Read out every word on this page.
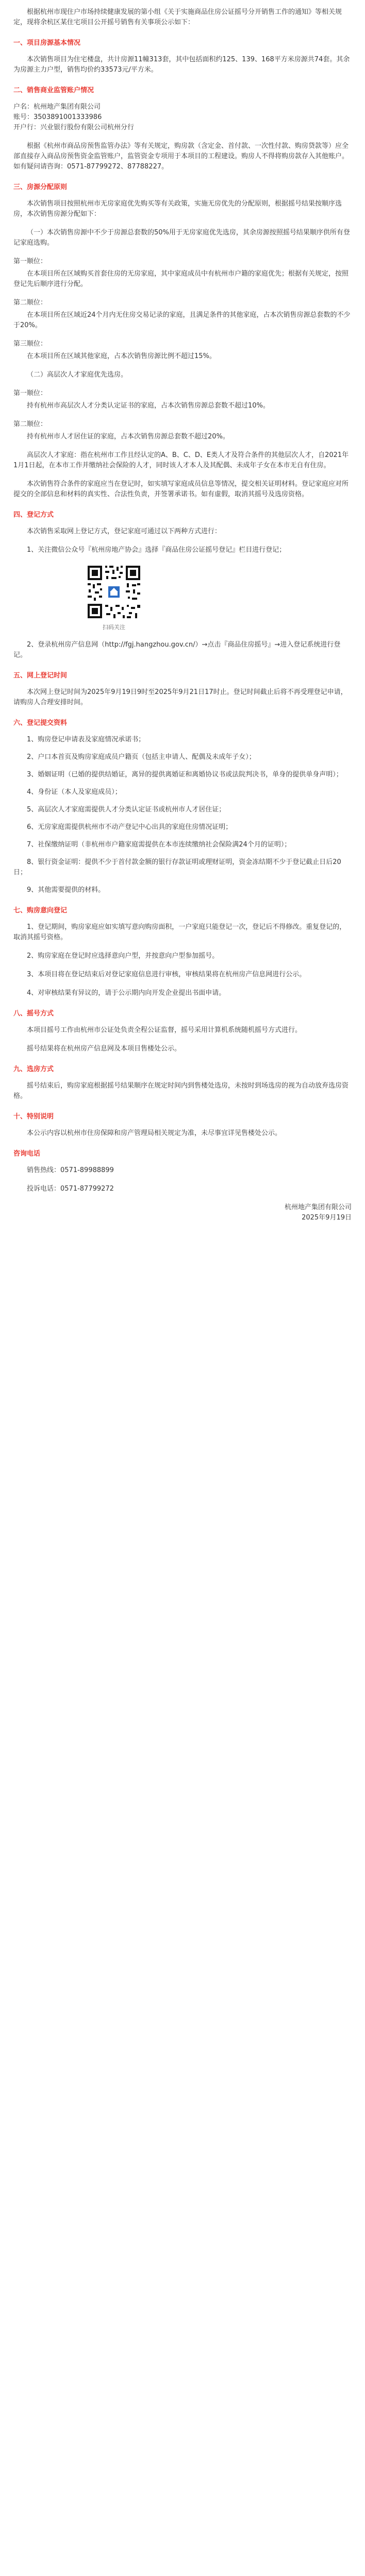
根据杭州市现住户市场持续健康发展的第小组《关于实施商品住房公证摇号分开销售工作的通知》等相关规定，现将余杭区某住宅项目公开摇号销售有关事项公示如下：

一、项目房源基本情况

本次销售项目为住宅楼盘，共计房源11幢313套，其中包括面积约125、139、168平方米房源共74套。其余为房源主力户型，销售均价约33573元/平方米。

二、销售商业监管账户情况

户名：杭州地产集团有限公司

账号：3503891001333986

开户行：兴业银行股份有限公司杭州分行

根据《杭州市商品房预售监管办法》等有关规定，购房款（含定金、首付款、一次性付款、购房贷款等）应全部直接存入商品房预售资金监管账户，监管资金专项用于本项目的工程建设。购房人不得将购房款存入其他账户。如有疑问请咨询：0571-87799272、87788227。

三、房源分配原则

本次销售项目按照杭州市无房家庭优先购买等有关政策，实施无房优先的分配原则，根据摇号结果按顺序选房，本次销售房源分配如下：

（一）本次销售房源中不少于房源总套数的50%用于无房家庭优先选房，其余房源按照摇号结果顺序供所有登记家庭选购。

第一顺位：

在本项目所在区域购买首套住房的无房家庭，其中家庭成员中有杭州市户籍的家庭优先；根据有关规定，按照登记先后顺序进行分配。

第二顺位：

在本项目所在区域近24个月内无住房交易记录的家庭，且满足条件的其他家庭，占本次销售房源总套数的不少于20%。

第三顺位：

在本项目所在区域其他家庭，占本次销售房源比例不超过15%。

（二）高层次人才家庭优先选房。

第一顺位：

持有杭州市高层次人才分类认定证书的家庭，占本次销售房源总套数不超过10%。

第二顺位：

持有杭州市人才居住证的家庭，占本次销售房源总套数不超过20%。

高层次人才家庭：指在杭州市工作且经认定的A、B、C、D、E类人才及符合条件的其他层次人才，自2021年1月1日起，在本市工作并缴纳社会保险的人才，同时该人才本人及其配偶、未成年子女在本市无自有住房。

本次销售符合条件的家庭应当在登记时，如实填写家庭成员信息等情况，提交相关证明材料。登记家庭应对所提交的全部信息和材料的真实性、合法性负责，并签署承诺书。如有虚假，取消其摇号及选房资格。

四、登记方式

本次销售采取网上登记方式，登记家庭可通过以下两种方式进行：

1、关注微信公众号『杭州房地产协会』选择『商品住房公证摇号登记』栏目进行登记；

扫码关注

2、登录杭州房产信息网（http://fgj.hangzhou.gov.cn/）→点击『商品住房摇号』→进入登记系统进行登记。

五、网上登记时间

本次网上登记时间为2025年9月19日9时至2025年9月21日17时止。登记时间截止后将不再受理登记申请，请购房人合理安排时间。

六、登记提交资料

1、购房登记申请表及家庭情况承诺书；

2、户口本首页及购房家庭成员户籍页（包括主申请人、配偶及未成年子女）；

3、婚姻证明（已婚的提供结婚证，离异的提供离婚证和离婚协议书或法院判决书，单身的提供单身声明）；

4、身份证（本人及家庭成员）；

5、高层次人才家庭需提供人才分类认定证书或杭州市人才居住证；

6、无房家庭需提供杭州市不动产登记中心出具的家庭住房情况证明；

7、社保缴纳证明（非杭州市户籍家庭需提供在本市连续缴纳社会保险满24个月的证明）；

8、银行资金证明：提供不少于首付款金额的银行存款证明或理财证明，资金冻结期不少于登记截止日后20日；

9、其他需要提供的材料。

七、购房意向登记

1、登记期间，购房家庭应如实填写意向购房面积，一户家庭只能登记一次，登记后不得修改。重复登记的，取消其摇号资格。

2、购房家庭在登记时应选择意向户型，并按意向户型参加摇号。

3、本项目将在登记结束后对登记家庭信息进行审核，审核结果将在杭州房产信息网进行公示。

4、对审核结果有异议的，请于公示期内向开发企业提出书面申请。

八、摇号方式

本项目摇号工作由杭州市公证处负责全程公证监督，摇号采用计算机系统随机摇号方式进行。

摇号结果将在杭州房产信息网及本项目售楼处公示。

九、选房方式

摇号结束后，购房家庭根据摇号结果顺序在规定时间内到售楼处选房，未按时到场选房的视为自动放弃选房资格。

十、特别说明

本公示内容以杭州市住房保障和房产管理局相关规定为准，未尽事宜详见售楼处公示。

咨询电话

销售热线：0571-89988899

投诉电话：0571-87799272

杭州地产集团有限公司

2025年9月19日
